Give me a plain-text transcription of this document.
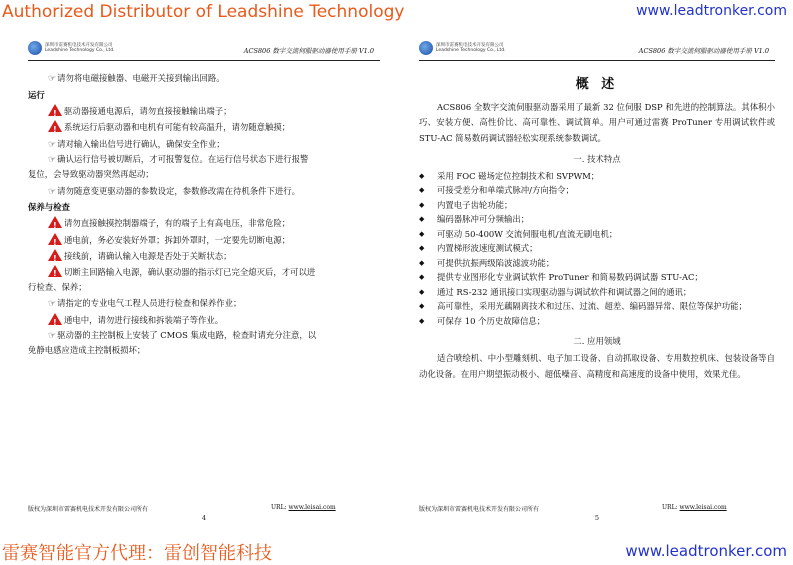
Authorized Distributor of Leadshine Technology	www.leadtronker.com
深圳市雷赛机电技术开发有限公司
Leadshine Technology Co., Ltd.	ACS806 数字交流伺服驱动器使用手册 V1.0
☞请勿将电磁接触器、电磁开关接到输出回路。
运行
!驱动器接通电源后，请勿直接接触输出端子；
!系统运行后驱动器和电机有可能有较高温升，请勿随意触摸；
☞请对输入输出信号进行确认，确保安全作业；
☞确认运行信号被切断后，才可报警复位。在运行信号状态下进行报警
复位，会导致驱动器突然再起动；
☞请勿随意变更驱动器的参数设定，参数修改需在待机条件下进行。
保养与检查
!请勿直接触摸控制器端子，有的端子上有高电压，非常危险；
!通电前，务必安装好外罩；拆卸外罩时，一定要先切断电源；
!接线前，请确认输入电源是否处于关断状态；
!切断主回路输入电源，确认驱动器的指示灯已完全熄灭后，才可以进
行检查、保养；
☞请指定的专业电气工程人员进行检查和保养作业；
!通电中，请勿进行接线和拆装端子等作业。
☞驱动器的主控制板上安装了 CMOS 集成电路，检查时请充分注意，以
免静电感应造成主控制板损坏；
版权为深圳市雷赛机电技术开发有限公司所有	URL: www.leisai.com
4
深圳市雷赛机电技术开发有限公司
Leadshine Technology Co., Ltd.	ACS806 数字交流伺服驱动器使用手册 V1.0
概 述
ACS806 全数字交流伺服驱动器采用了最新 32 位伺服 DSP 和先进的控制算法。其体积小巧、安装方便、高性价比、高可靠性、调试简单。用户可通过雷赛 ProTuner 专用调试软件或 STU-AC 简易数码调试器轻松实现系统参数调试。
一. 技术特点
◆ 采用 FOC 磁场定位控制技术和 SVPWM；
◆ 可接受差分和单端式脉冲/方向指令；
◆ 内置电子齿轮功能；
◆ 编码器脉冲可分频输出；
◆ 可驱动 50-400W 交流伺服电机/直流无刷电机；
◆ 内置梯形波速度测试模式；
◆ 可提供抗振两级陷波滤波功能；
◆ 提供专业图形化专业调试软件 ProTuner 和简易数码调试器 STU-AC；
◆ 通过 RS-232 通讯接口实现驱动器与调试软件和调试器之间的通讯；
◆ 高可靠性，采用光藕隔离技术和过压、过流、超差、编码器异常、限位等保护功能；
◆ 可保存 10 个历史故障信息；
二. 应用领域
适合喷绘机、中小型雕刻机、电子加工设备、自动抓取设备、专用数控机床、包装设备等自动化设备。在用户期望振动极小、超低噪音、高精度和高速度的设备中使用，效果尤佳。
版权为深圳市雷赛机电技术开发有限公司所有	URL: www.leisai.com
5
雷赛智能官方代理：雷创智能科技	www.leadtronker.com
